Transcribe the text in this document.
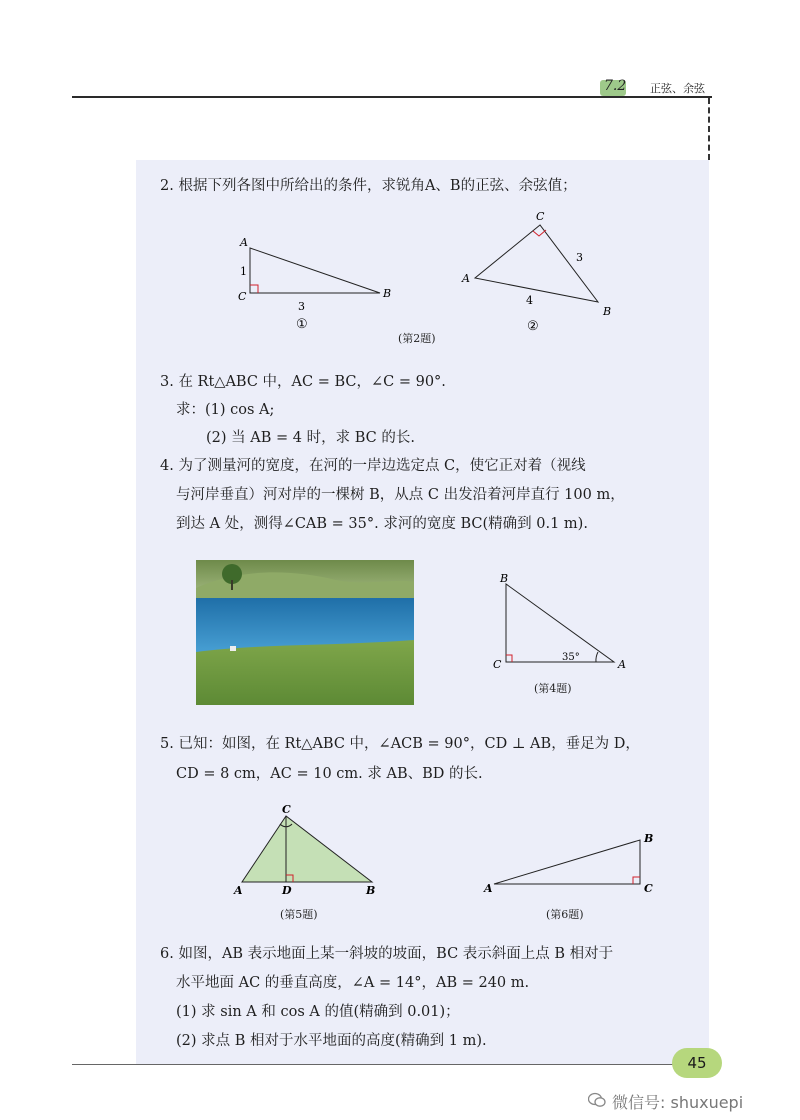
7.2 正弦、余弦
2. 根据下列各图中所给出的条件，求锐角A、B的正弦、余弦值；
A
C	B
1
3
①
(第2题)
C
A
B
3
4
②
3. 在 Rt△ABC 中，AC = BC，∠C = 90°.
求：(1) cos A;
(2) 当 AB = 4 时，求 BC 的长.
4. 为了测量河的宽度，在河的一岸边选定点 C，使它正对着（视线
与河岸垂直）河对岸的一棵树 B，从点 C 出发沿着河岸直行 100 m，
到达 A 处，测得∠CAB = 35°. 求河的宽度 BC(精确到 0.1 m).
B
C	A
35°
(第4题)
5. 已知：如图，在 Rt△ABC 中，∠ACB = 90°，CD ⊥ AB，垂足为 D，
CD = 8 cm，AC = 10 cm. 求 AB、BD 的长.
C
A	D	B
(第5题)
A
B
C
(第6题)
6. 如图，AB 表示地面上某一斜坡的坡面，BC 表示斜面上点 B 相对于
水平地面 AC 的垂直高度，∠A = 14°，AB = 240 m.
(1) 求 sin A 和 cos A 的值(精确到 0.01)；
(2) 求点 B 相对于水平地面的高度(精确到 1 m).
45
微信号: shuxuepi
